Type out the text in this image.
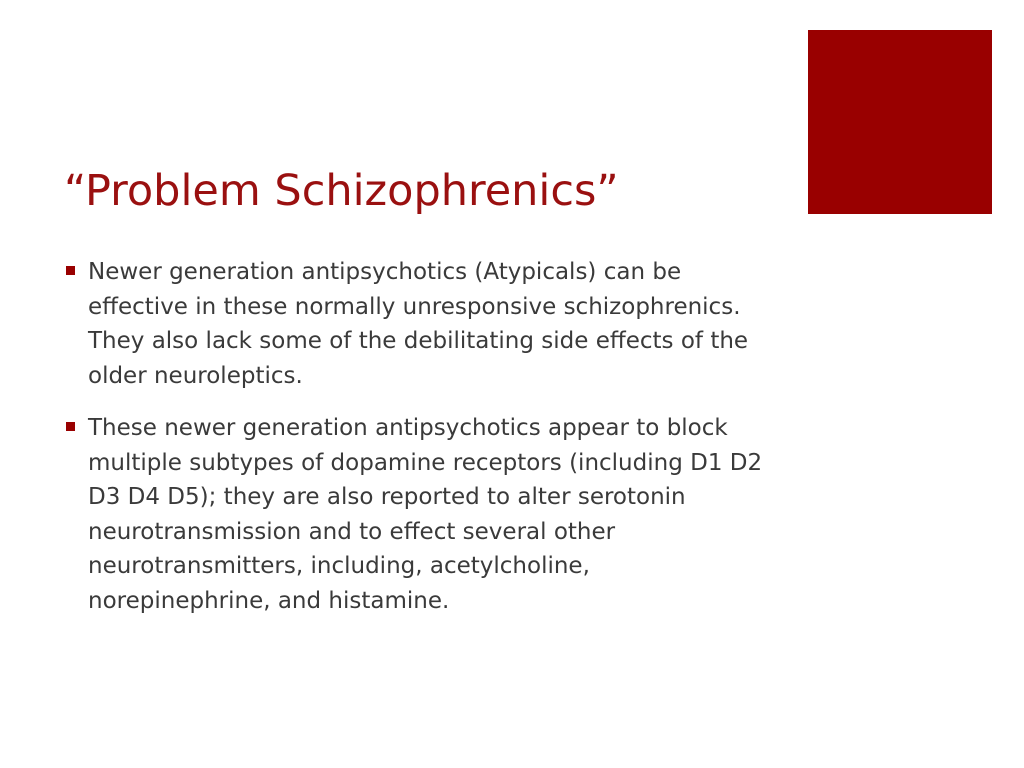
“Problem Schizophrenics”
Newer generation antipsychotics (Atypicals) can be effective in these normally unresponsive schizophrenics. They also lack some of the debilitating side effects of the older neuroleptics.
These newer generation antipsychotics appear to block multiple subtypes of dopamine receptors (including D1 D2 D3 D4 D5); they are also reported to alter serotonin neurotransmission and to effect several other neurotransmitters, including, acetylcholine, norepinephrine, and histamine.
